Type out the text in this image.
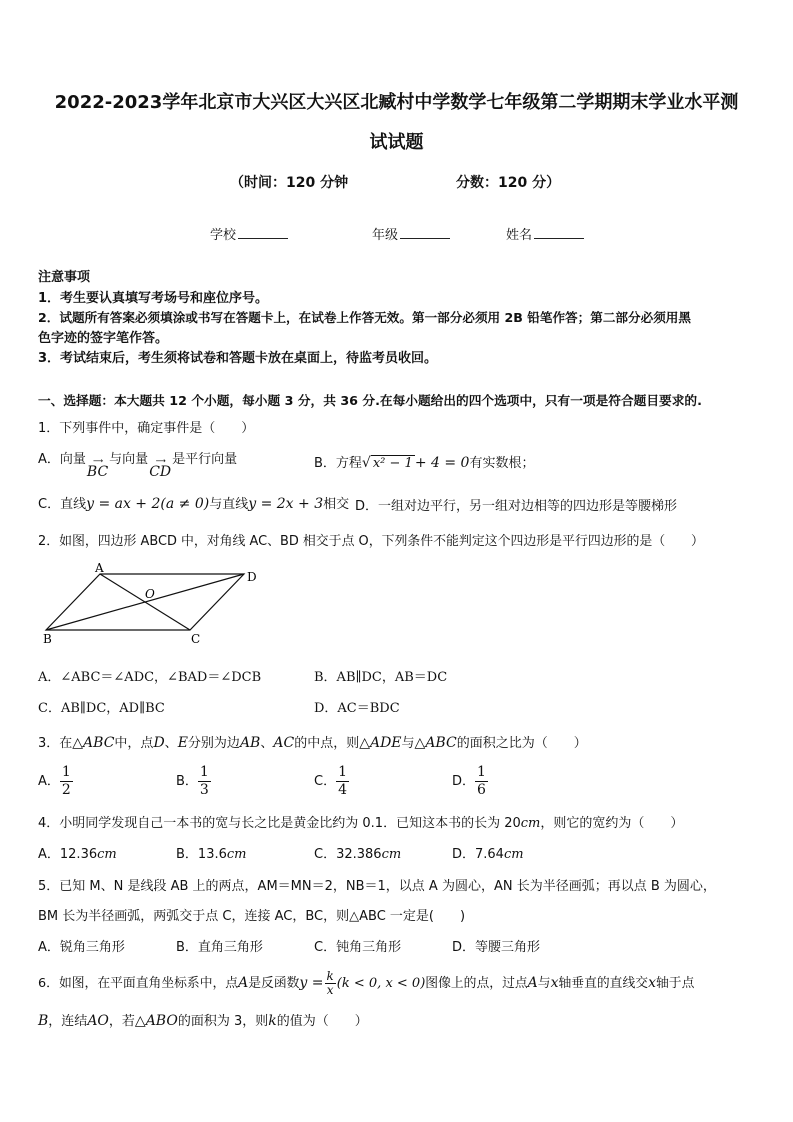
2022-2023学年北京市大兴区大兴区北臧村中学数学七年级第二学期期末学业水平测
试试题
（时间：120 分钟	分数：120 分）
学校	年级	姓名
注意事项
1．考生要认真填写考场号和座位序号。
2．试题所有答案必须填涂或书写在答题卡上，在试卷上作答无效。第一部分必须用 2B 铅笔作答；第二部分必须用黑
色字迹的签字笔作答。
3．考试结束后，考生须将试卷和答题卡放在桌面上，待监考员收回。
一、选择题：本大题共 12 个小题，每小题 3 分，共 36 分.在每小题给出的四个选项中，只有一项是符合题目要求的.
1．下列事件中，确定事件是（　　）
A．向量 ⟶
BC
与向量 ⟶
CD
是平行向量	B．方程√ x² − 1 + 4 = 0有实数根；
C．直线y = ax + 2(a ≠ 0)与直线y = 2x + 3相交 D．一组对边平行，另一组对边相等的四边形是等腰梯形
2．如图，四边形 ABCD 中，对角线 AC、BD 相交于点 O，下列条件不能判定这个四边形是平行四边形的是（　　）
A
D
B	C
O
A．∠ABC＝∠ADC，∠BAD＝∠DCB	B．AB∥DC，AB＝DC
C．AB∥DC，AD∥BC	D．AC＝BDC
3．在△ABC中，点D、E分别为边AB、AC的中点，则△ADE与△ABC的面积之比为（　　）
A． $\frac{1}{2}$	B． $\frac{1}{3}$	C． $\frac{1}{4}$	D． $\frac{1}{6}$
4．小明同学发现自己一本书的宽与长之比是黄金比约为 0.1．已知这本书的长为 20cm，则它的宽约为（　　）
A．12.36cm	B．13.6cm	C．32.386cm	D．7.64cm
5．已知 M、N 是线段 AB 上的两点，AM＝MN＝2，NB＝1，以点 A 为圆心，AN 长为半径画弧；再以点 B 为圆心，
BM 长为半径画弧，两弧交于点 C，连接 AC，BC，则△ABC 一定是(　　)
A．锐角三角形	B．直角三角形	C．钝角三角形	D．等腰三角形
6．如图，在平面直角坐标系中，点A是反函数$y = \frac{k}{x} (k < 0$, x < 0)图像上的点，过点A与x轴垂直的直线交x轴于点
B，连结AO，若△ABO的面积为 3，则k的值为（　　）
